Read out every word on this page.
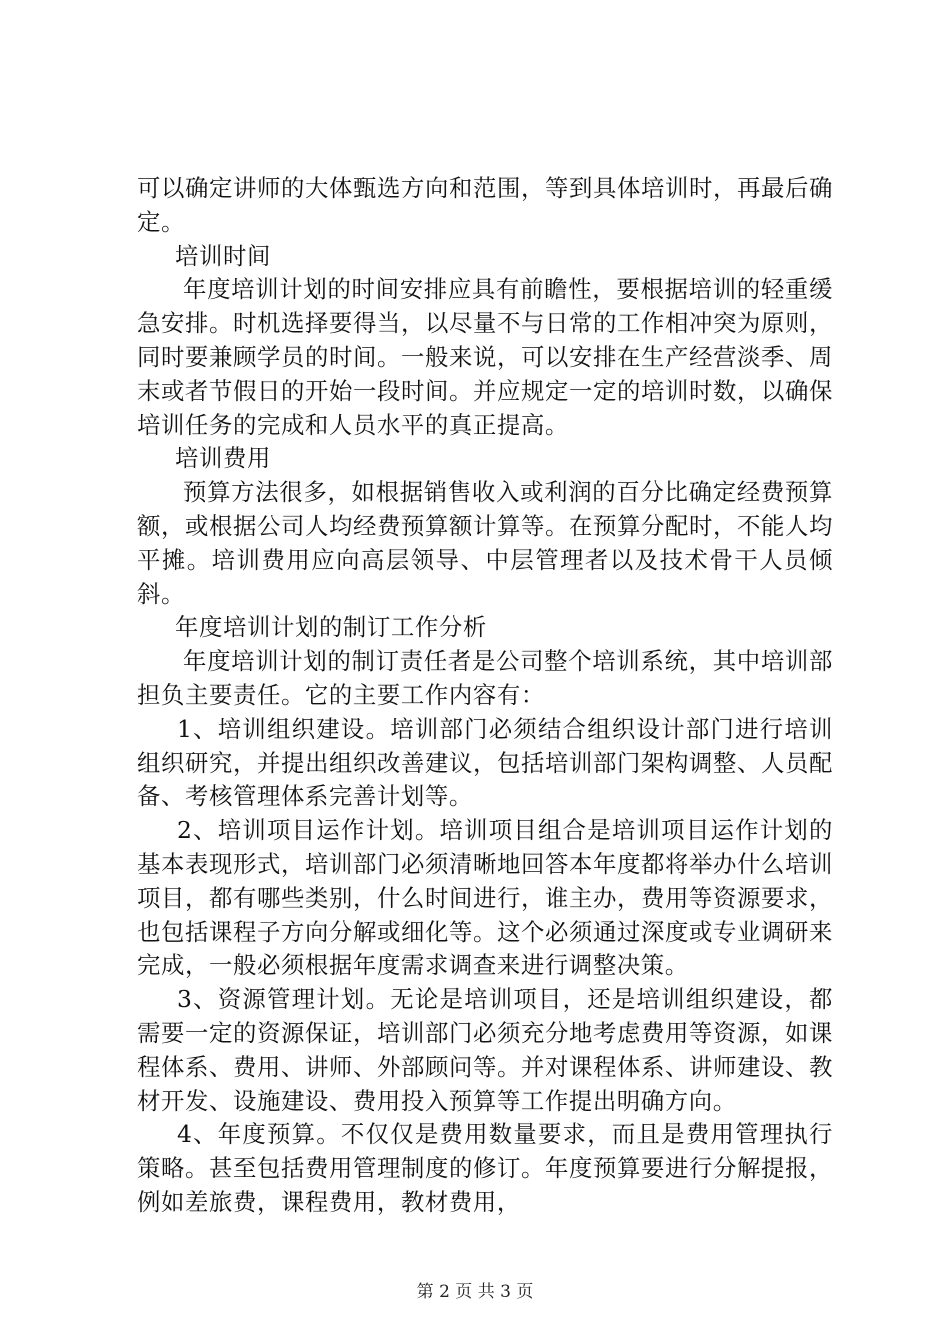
可以确定讲师的大体甄选方向和范围，等到具体培训时，再最后确定。

培训时间

年度培训计划的时间安排应具有前瞻性，要根据培训的轻重缓急安排。时机选择要得当，以尽量不与日常的工作相冲突为原则，同时要兼顾学员的时间。一般来说，可以安排在生产经营淡季、周末或者节假日的开始一段时间。并应规定一定的培训时数，以确保培训任务的完成和人员水平的真正提高。

培训费用

预算方法很多，如根据销售收入或利润的百分比确定经费预算额，或根据公司人均经费预算额计算等。在预算分配时，不能人均平摊。培训费用应向高层领导、中层管理者以及技术骨干人员倾斜。

年度培训计划的制订工作分析

年度培训计划的制订责任者是公司整个培训系统，其中培训部担负主要责任。它的主要工作内容有：

1、培训组织建设。培训部门必须结合组织设计部门进行培训组织研究，并提出组织改善建议，包括培训部门架构调整、人员配备、考核管理体系完善计划等。

2、培训项目运作计划。培训项目组合是培训项目运作计划的基本表现形式，培训部门必须清晰地回答本年度都将举办什么培训项目，都有哪些类别，什么时间进行，谁主办，费用等资源要求，也包括课程子方向分解或细化等。这个必须通过深度或专业调研来完成，一般必须根据年度需求调查来进行调整决策。

3、资源管理计划。无论是培训项目，还是培训组织建设，都需要一定的资源保证，培训部门必须充分地考虑费用等资源，如课程体系、费用、讲师、外部顾问等。并对课程体系、讲师建设、教材开发、设施建设、费用投入预算等工作提出明确方向。

4、年度预算。不仅仅是费用数量要求，而且是费用管理执行策略。甚至包括费用管理制度的修订。年度预算要进行分解提报，例如差旅费，课程费用，教材费用，

第 2 页 共 3 页
